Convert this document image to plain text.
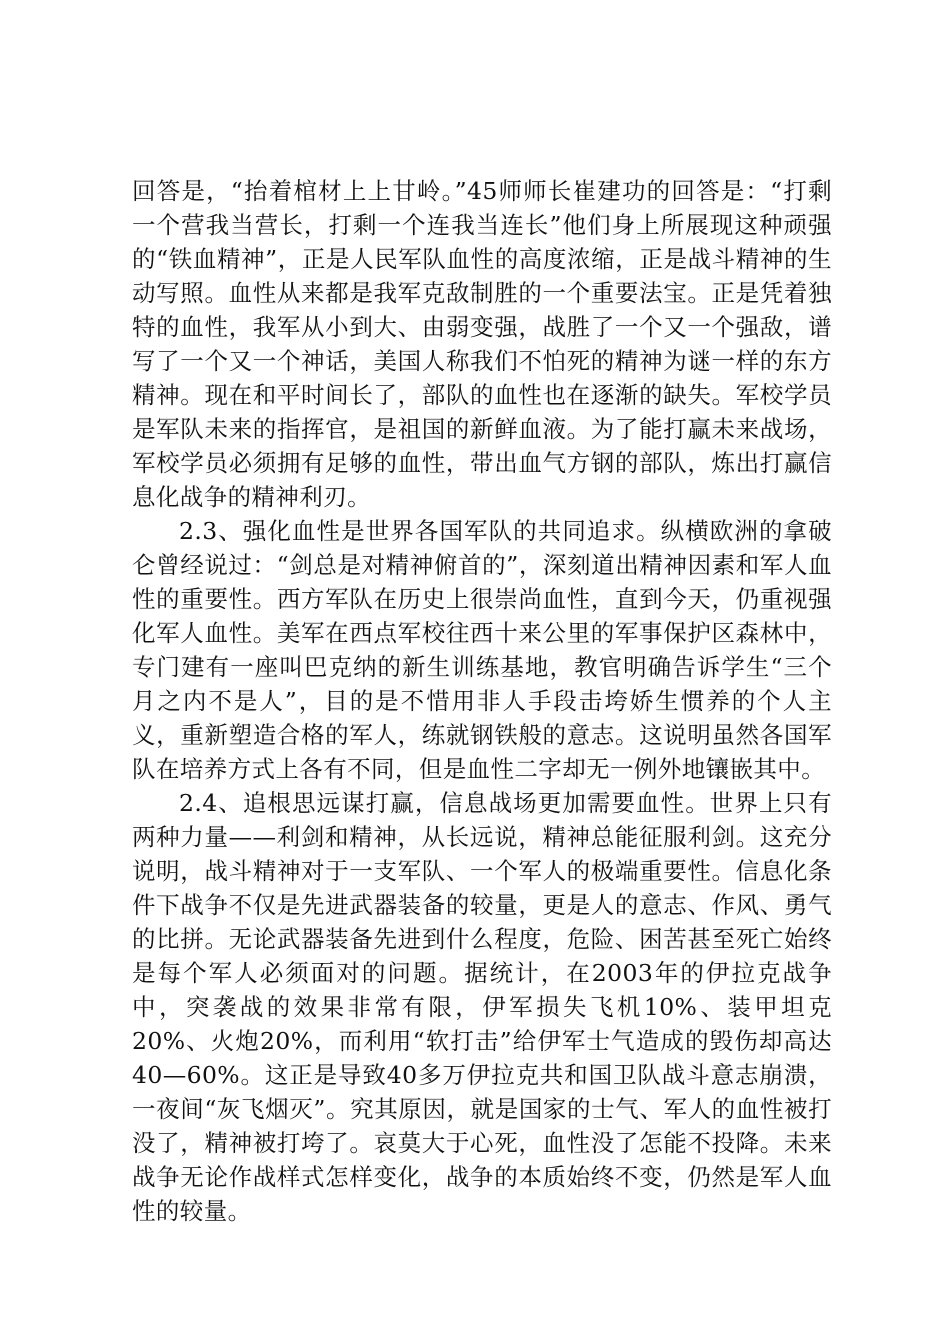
回答是，“抬着棺材上上甘岭。”45师师长崔建功的回答是：“打剩一个营我当营长，打剩一个连我当连长”他们身上所展现这种顽强的“铁血精神”，正是人民军队血性的高度浓缩，正是战斗精神的生动写照。血性从来都是我军克敌制胜的一个重要法宝。正是凭着独特的血性，我军从小到大、由弱变强，战胜了一个又一个强敌，谱写了一个又一个神话，美国人称我们不怕死的精神为谜一样的东方精神。现在和平时间长了，部队的血性也在逐渐的缺失。军校学员是军队未来的指挥官，是祖国的新鲜血液。为了能打赢未来战场，军校学员必须拥有足够的血性，带出血气方钢的部队，炼出打赢信息化战争的精神利刃。

2.3、强化血性是世界各国军队的共同追求。纵横欧洲的拿破仑曾经说过：“剑总是对精神俯首的”，深刻道出精神因素和军人血性的重要性。西方军队在历史上很崇尚血性，直到今天，仍重视强化军人血性。美军在西点军校往西十来公里的军事保护区森林中，专门建有一座叫巴克纳的新生训练基地，教官明确告诉学生“三个月之内不是人”，目的是不惜用非人手段击垮娇生惯养的个人主义，重新塑造合格的军人，练就钢铁般的意志。这说明虽然各国军队在培养方式上各有不同，但是血性二字却无一例外地镶嵌其中。

2.4、追根思远谋打赢，信息战场更加需要血性。世界上只有两种力量——利剑和精神，从长远说，精神总能征服利剑。这充分说明，战斗精神对于一支军队、一个军人的极端重要性。信息化条件下战争不仅是先进武器装备的较量，更是人的意志、作风、勇气的比拼。无论武器装备先进到什么程度，危险、困苦甚至死亡始终是每个军人必须面对的问题。据统计，在2003年的伊拉克战争中，突袭战的效果非常有限，伊军损失飞机10%、装甲坦克20%、火炮20%，而利用“软打击”给伊军士气造成的毁伤却高达40—60%。这正是导致40多万伊拉克共和国卫队战斗意志崩溃，一夜间“灰飞烟灭”。究其原因，就是国家的士气、军人的血性被打没了，精神被打垮了。哀莫大于心死，血性没了怎能不投降。未来战争无论作战样式怎样变化，战争的本质始终不变，仍然是军人血性的较量。
